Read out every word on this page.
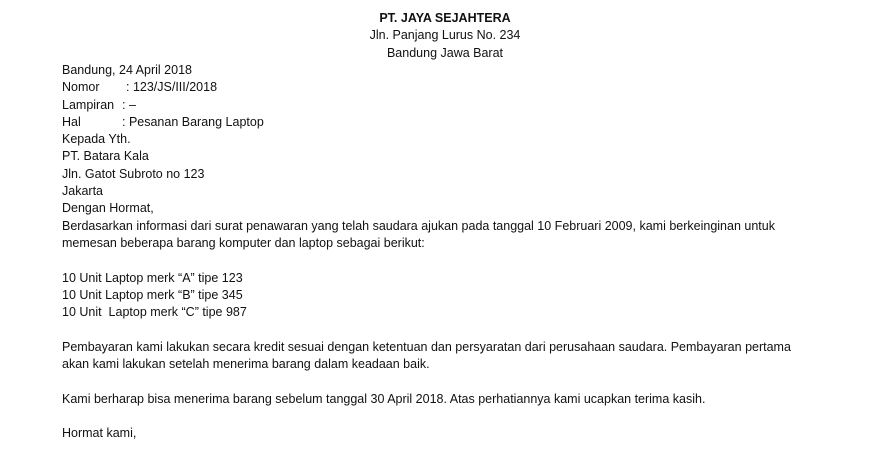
PT. JAYA SEJAHTERA
Jln. Panjang Lurus No. 234
Bandung Jawa Barat
Bandung, 24 April 2018
Nomor	: 123/JS/III/2018
Lampiran : –
Hal	: Pesanan Barang Laptop
Kepada Yth.
PT. Batara Kala
Jln. Gatot Subroto no 123
Jakarta
Dengan Hormat,
Berdasarkan informasi dari surat penawaran yang telah saudara ajukan pada tanggal 10 Februari 2009, kami berkeinginan untuk
memesan beberapa barang komputer dan laptop sebagai berikut:
10 Unit Laptop merk “A” tipe 123
10 Unit Laptop merk “B” tipe 345
10 Unit  Laptop merk “C” tipe 987
Pembayaran kami lakukan secara kredit sesuai dengan ketentuan dan persyaratan dari perusahaan saudara. Pembayaran pertama
akan kami lakukan setelah menerima barang dalam keadaan baik.
Kami berharap bisa menerima barang sebelum tanggal 30 April 2018. Atas perhatiannya kami ucapkan terima kasih.
Hormat kami,
